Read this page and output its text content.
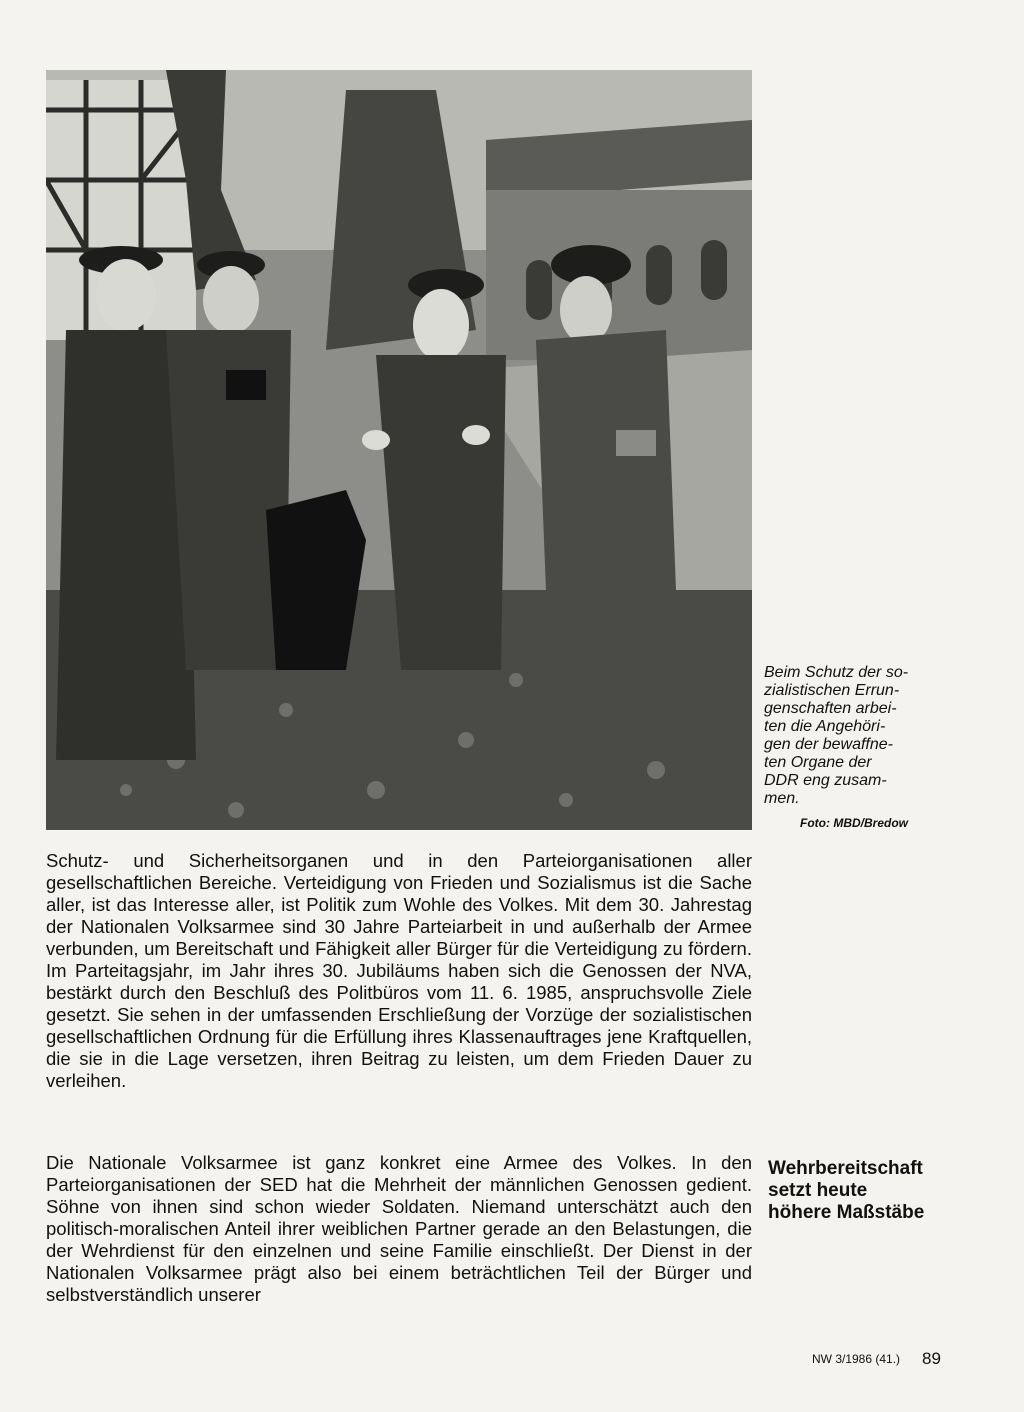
Beim Schutz der so-

zialistischen Errun-

genschaften arbei-

ten die Angehöri-

gen der bewaffne-

ten Organe der

DDR eng zusam-

men.

Foto: MBD/Bredow

Schutz- und Sicherheitsorganen und in den Parteiorganisationen aller gesellschaftlichen Bereiche. Verteidigung von Frieden und Sozialismus ist die Sache aller, ist das Interesse aller, ist Politik zum Wohle des Volkes. Mit dem 30. Jahrestag der Nationalen Volksarmee sind 30 Jahre Parteiarbeit in und außerhalb der Armee verbunden, um Bereitschaft und Fähigkeit aller Bürger für die Verteidigung zu fördern. Im Parteitagsjahr, im Jahr ihres 30. Jubiläums haben sich die Genossen der NVA, bestärkt durch den Beschluß des Politbüros vom 11. 6. 1985, anspruchsvolle Ziele gesetzt. Sie sehen in der umfassenden Erschließung der Vorzüge der sozialistischen gesellschaftlichen Ordnung für die Erfüllung ihres Klassenauftrages jene Kraftquellen, die sie in die Lage versetzen, ihren Beitrag zu leisten, um dem Frieden Dauer zu verleihen.

Wehrbereitschaft
setzt heute
höhere Maßstäbe

Die Nationale Volksarmee ist ganz konkret eine Armee des Volkes. In den Parteiorganisationen der SED hat die Mehrheit der männlichen Genossen gedient. Söhne von ihnen sind schon wieder Soldaten. Niemand unterschätzt auch den politisch-moralischen Anteil ihrer weiblichen Partner gerade an den Belastungen, die der Wehrdienst für den einzelnen und seine Familie einschließt. Der Dienst in der Nationalen Volksarmee prägt also bei einem beträchtlichen Teil der Bürger und selbstverständlich unserer

NW 3/1986 (41.) 89
